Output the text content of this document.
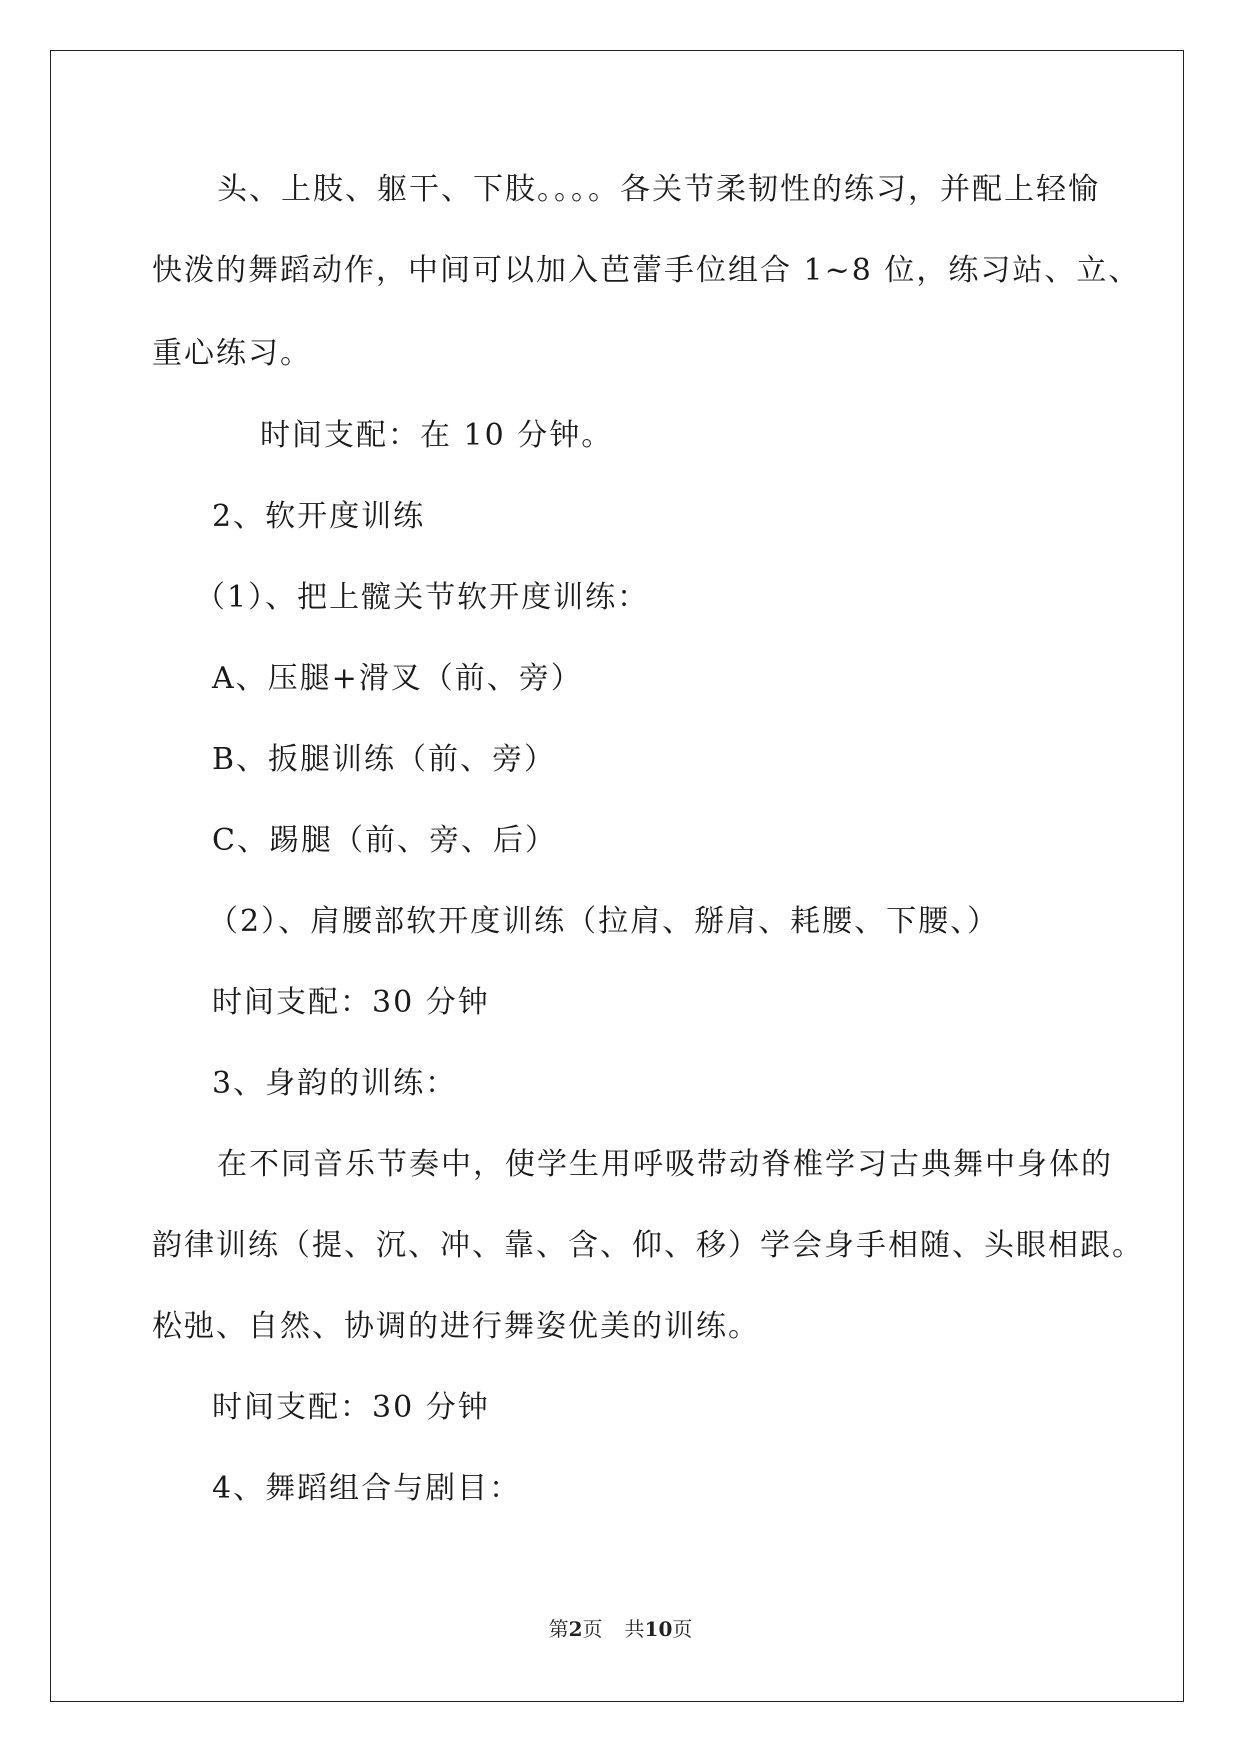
头、上肢、躯干、下肢。。。。各关节柔韧性的练习，并配上轻愉
快泼的舞蹈动作，中间可以加入芭蕾手位组合 1~8 位，练习站、立、
重心练习。
时间支配：在 10 分钟。
2、软开度训练
（1）、把上髋关节软开度训练：
A、压腿+滑叉（前、旁）
B、扳腿训练（前、旁）
C、踢腿（前、旁、后）
（2）、肩腰部软开度训练（拉肩、掰肩、耗腰、下腰、）
时间支配：30 分钟
3、身韵的训练：
在不同音乐节奏中，使学生用呼吸带动脊椎学习古典舞中身体的
韵律训练（提、沉、冲、靠、含、仰、移）学会身手相随、头眼相跟。
松弛、自然、协调的进行舞姿优美的训练。
时间支配：30 分钟
4、舞蹈组合与剧目：
第2页 共10页
